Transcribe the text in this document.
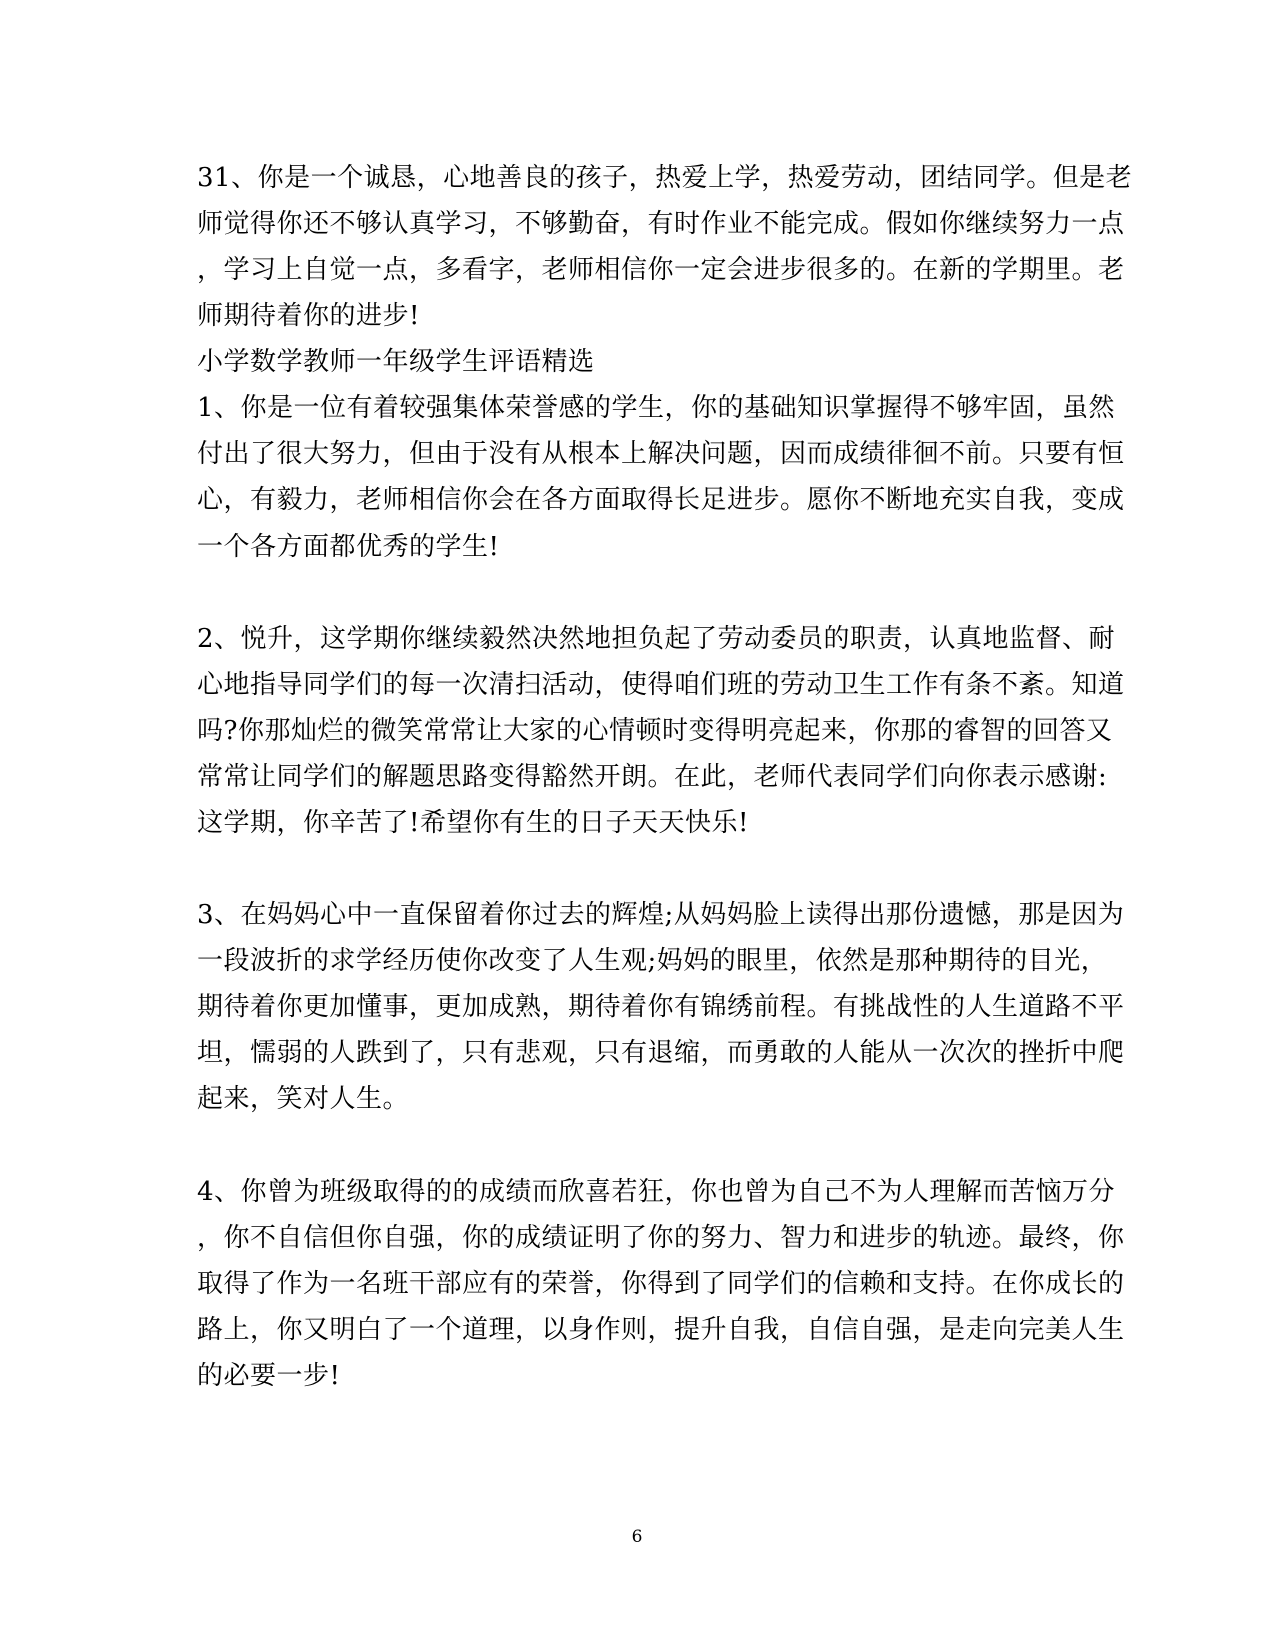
31、你是一个诚恳，心地善良的孩子，热爱上学，热爱劳动，团结同学。但是老
师觉得你还不够认真学习，不够勤奋，有时作业不能完成。假如你继续努力一点
，学习上自觉一点，多看字，老师相信你一定会进步很多的。在新的学期里。老
师期待着你的进步!
小学数学教师一年级学生评语精选
1、你是一位有着较强集体荣誉感的学生，你的基础知识掌握得不够牢固，虽然
付出了很大努力，但由于没有从根本上解决问题，因而成绩徘徊不前。只要有恒
心，有毅力，老师相信你会在各方面取得长足进步。愿你不断地充实自我，变成
一个各方面都优秀的学生!
2、悦升，这学期你继续毅然决然地担负起了劳动委员的职责，认真地监督、耐
心地指导同学们的每一次清扫活动，使得咱们班的劳动卫生工作有条不紊。知道
吗?你那灿烂的微笑常常让大家的心情顿时变得明亮起来，你那的睿智的回答又
常常让同学们的解题思路变得豁然开朗。在此，老师代表同学们向你表示感谢:
这学期，你辛苦了!希望你有生的日子天天快乐!
3、在妈妈心中一直保留着你过去的辉煌;从妈妈脸上读得出那份遗憾，那是因为
一段波折的求学经历使你改变了人生观;妈妈的眼里，依然是那种期待的目光，
期待着你更加懂事，更加成熟，期待着你有锦绣前程。有挑战性的人生道路不平
坦，懦弱的人跌到了，只有悲观，只有退缩，而勇敢的人能从一次次的挫折中爬
起来，笑对人生。
4、你曾为班级取得的的成绩而欣喜若狂，你也曾为自己不为人理解而苦恼万分
，你不自信但你自强，你的成绩证明了你的努力、智力和进步的轨迹。最终，你
取得了作为一名班干部应有的荣誉，你得到了同学们的信赖和支持。在你成长的
路上，你又明白了一个道理，以身作则，提升自我，自信自强，是走向完美人生
的必要一步!
6
